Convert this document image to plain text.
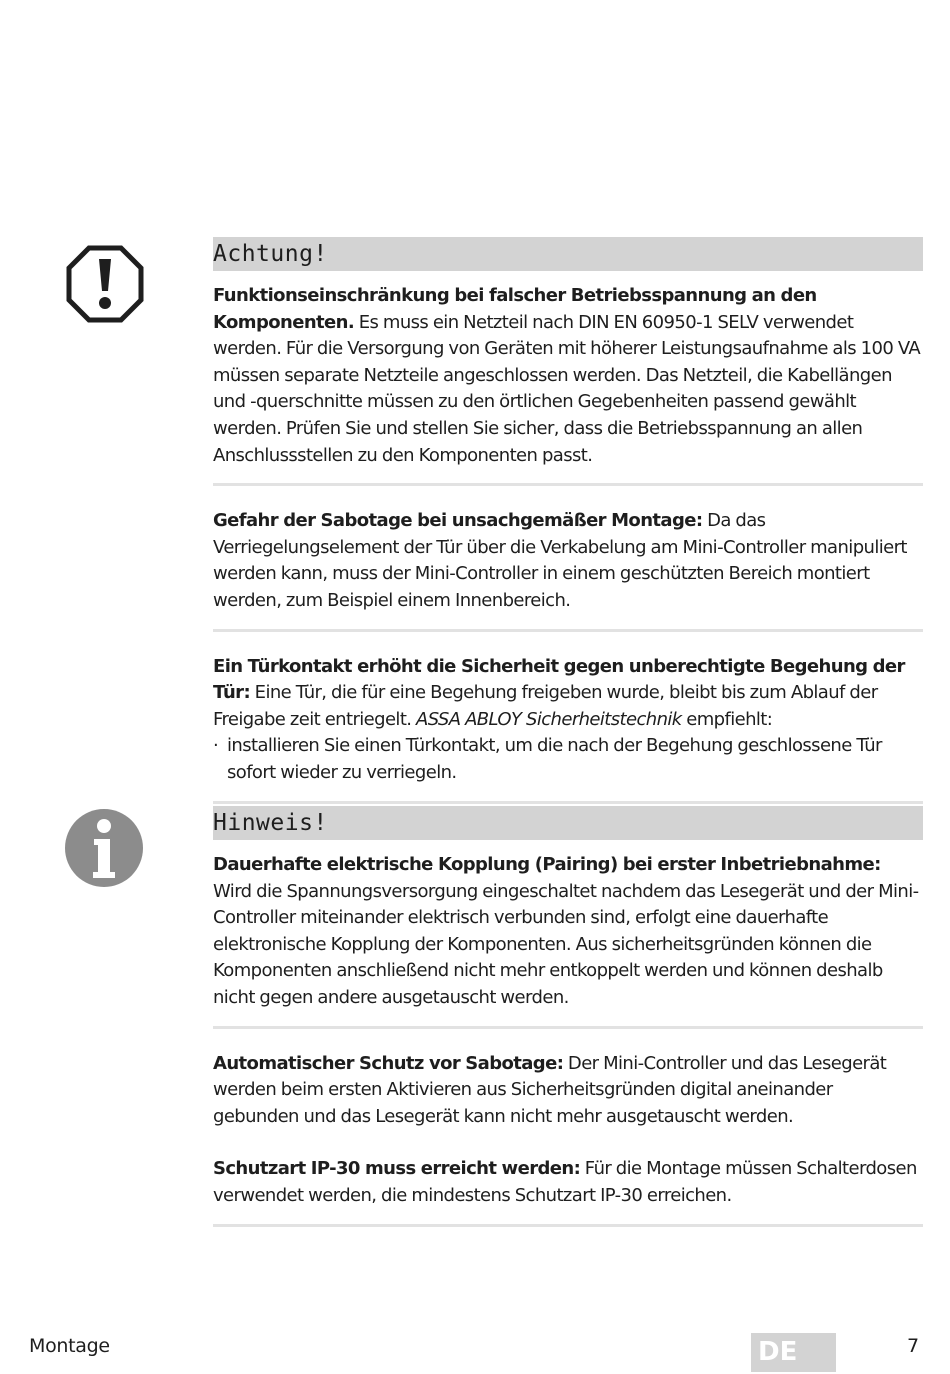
Achtung!

Funktionseinschränkung bei falscher Betriebsspannung an den Komponenten. Es muss ein Netzteil nach DIN EN 60950-1 SELV verwendet werden. Für die Versorgung von Geräten mit höherer Leistungsaufnahme als 100 VA müssen separate Netzteile angeschlossen werden. Das Netzteil, die Kabellängen und -querschnitte müssen zu den örtlichen Gegebenheiten passend gewählt werden. Prüfen Sie und stellen Sie sicher, dass die Betriebsspannung an allen Anschlussstellen zu den Komponenten passt.

Gefahr der Sabotage bei unsachgemäßer Montage: Da das Verriegelungselement der Tür über die Verkabelung am Mini-Controller manipuliert werden kann, muss der Mini-Controller in einem geschützten Bereich montiert werden, zum Beispiel einem Innenbereich.

Ein Türkontakt erhöht die Sicherheit gegen unberechtigte Begehung der Tür: Eine Tür, die für eine Begehung freigeben wurde, bleibt bis zum Ablauf der Freigabe zeit entriegelt. ASSA ABLOY Sicherheitstechnik empfiehlt:

· installieren Sie einen Türkontakt, um die nach der Begehung geschlossene Tür sofort wieder zu verriegeln.
Hinweis!

Dauerhafte elektrische Kopplung (Pairing) bei erster Inbetriebnahme: Wird die Spannungsversorgung eingeschaltet nachdem das Lesegerät und der Mini-Controller miteinander elektrisch verbunden sind, erfolgt eine dauerhafte elektronische Kopplung der Komponenten. Aus sicherheitsgründen können die Komponenten anschließend nicht mehr entkoppelt werden und können deshalb nicht gegen andere ausgetauscht werden.

Automatischer Schutz vor Sabotage: Der Mini-Controller und das Lesegerät werden beim ersten Aktivieren aus Sicherheitsgründen digital aneinander gebunden und das Lesegerät kann nicht mehr ausgetauscht werden.

Schutzart IP-30 muss erreicht werden: Für die Montage müssen Schalterdosen verwendet werden, die mindestens Schutzart IP-30 erreichen.

Montage	DE	7
